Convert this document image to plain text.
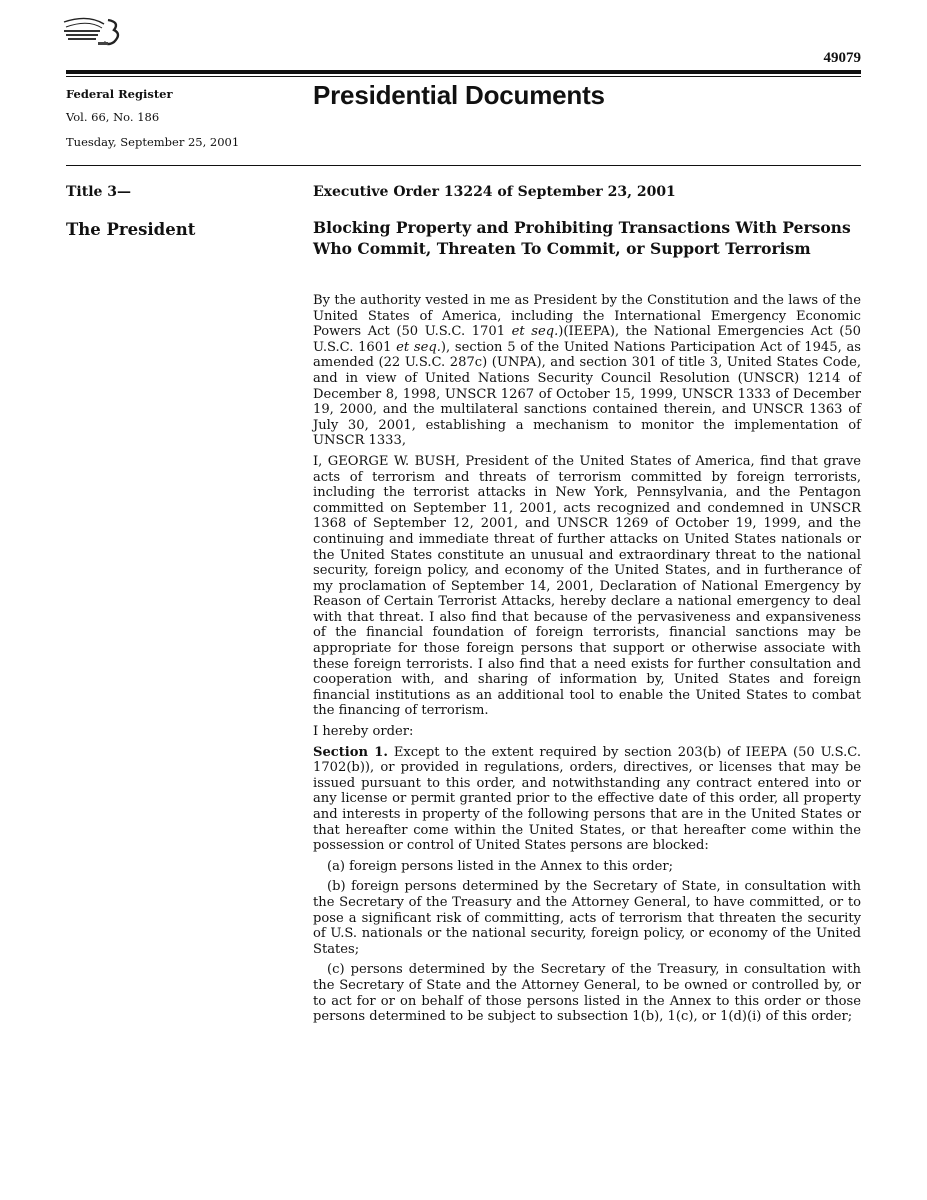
49079
Federal Register
Vol. 66, No. 186
Tuesday, September 25, 2001
Presidential Documents
Title 3—
The President
Executive Order 13224 of September 23, 2001
Blocking Property and Prohibiting Transactions With Persons Who Commit, Threaten To Commit, or Support Terrorism

By the authority vested in me as President by the Constitution and the laws of the United States of America, including the International Emergency Economic Powers Act (50 U.S.C. 1701 et seq.)(IEEPA), the National Emergencies Act (50 U.S.C. 1601 et seq.), section 5 of the United Nations Participation Act of 1945, as amended (22 U.S.C. 287c) (UNPA), and section 301 of title 3, United States Code, and in view of United Nations Security Council Resolution (UNSCR) 1214 of December 8, 1998, UNSCR 1267 of October 15, 1999, UNSCR 1333 of December 19, 2000, and the multilateral sanctions contained therein, and UNSCR 1363 of July 30, 2001, establishing a mechanism to monitor the implementation of UNSCR 1333,

I, GEORGE W. BUSH, President of the United States of America, find that grave acts of terrorism and threats of terrorism committed by foreign terrorists, including the terrorist attacks in New York, Pennsylvania, and the Pentagon committed on September 11, 2001, acts recognized and condemned in UNSCR 1368 of September 12, 2001, and UNSCR 1269 of October 19, 1999, and the continuing and immediate threat of further attacks on United States nationals or the United States constitute an unusual and extraordinary threat to the national security, foreign policy, and economy of the United States, and in furtherance of my proclamation of September 14, 2001, Declaration of National Emergency by Reason of Certain Terrorist Attacks, hereby declare a national emergency to deal with that threat. I also find that because of the pervasiveness and expansiveness of the financial foundation of foreign terrorists, financial sanctions may be appropriate for those foreign persons that support or otherwise associate with these foreign terrorists. I also find that a need exists for further consultation and cooperation with, and sharing of information by, United States and foreign financial institutions as an additional tool to enable the United States to combat the financing of terrorism.

I hereby order:

Section 1. Except to the extent required by section 203(b) of IEEPA (50 U.S.C. 1702(b)), or provided in regulations, orders, directives, or licenses that may be issued pursuant to this order, and notwithstanding any contract entered into or any license or permit granted prior to the effective date of this order, all property and interests in property of the following persons that are in the United States or that hereafter come within the United States, or that hereafter come within the possession or control of United States persons are blocked:

(a) foreign persons listed in the Annex to this order;

(b) foreign persons determined by the Secretary of State, in consultation with the Secretary of the Treasury and the Attorney General, to have committed, or to pose a significant risk of committing, acts of terrorism that threaten the security of U.S. nationals or the national security, foreign policy, or economy of the United States;

(c) persons determined by the Secretary of the Treasury, in consultation with the Secretary of State and the Attorney General, to be owned or controlled by, or to act for or on behalf of those persons listed in the Annex to this order or those persons determined to be subject to subsection 1(b), 1(c), or 1(d)(i) of this order;
